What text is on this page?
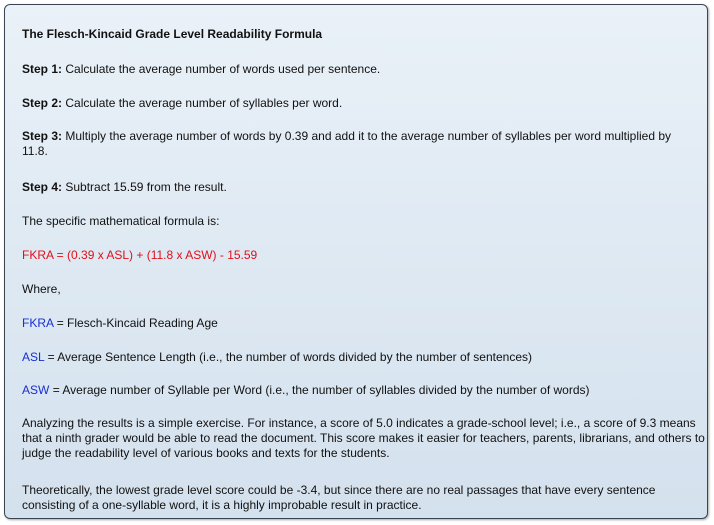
The Flesch-Kincaid Grade Level Readability Formula

Step 1: Calculate the average number of words used per sentence.

Step 2: Calculate the average number of syllables per word.

Step 3: Multiply the average number of words by 0.39 and add it to the average number of syllables per word multiplied by 11.8.

Step 4: Subtract 15.59 from the result.

The specific mathematical formula is:

FKRA = (0.39 x ASL) + (11.8 x ASW) - 15.59

Where,

FKRA = Flesch-Kincaid Reading Age

ASL = Average Sentence Length (i.e., the number of words divided by the number of sentences)

ASW = Average number of Syllable per Word (i.e., the number of syllables divided by the number of words)

Analyzing the results is a simple exercise. For instance, a score of 5.0 indicates a grade-school level; i.e., a score of 9.3 means that a ninth grader would be able to read the document. This score makes it easier for teachers, parents, librarians, and others to judge the readability level of various books and texts for the students.

Theoretically, the lowest grade level score could be -3.4, but since there are no real passages that have every sentence consisting of a one-syllable word, it is a highly improbable result in practice.
